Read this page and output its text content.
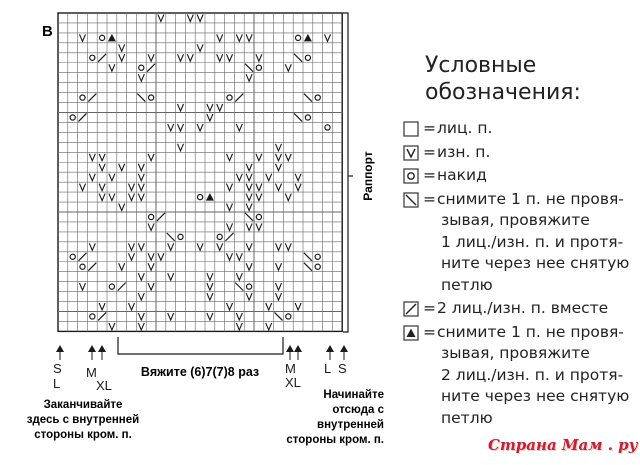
B
Раппорт
S
L
M
XL
M
XL
L S
Вяжите (6)7(7)8 раз
Заканчивайте
здесь с внутренней
стороны кром. п.
Начинайте
отсюда с
внутренней
стороны кром. п.
Условные
обозначения:
= лиц. п.
= изн. п.
= накид
= снимите 1 п. не провя-
зывая, провяжите
1 лиц./изн. п. и протя-
ните через нее снятую
петлю
= 2 лиц./изн. п. вместе
= снимите 1 п. не провя-
зывая, провяжите
2 лиц./изн. п. и протя-
ните через нее снятую
петлю
Страна Мам . ру
